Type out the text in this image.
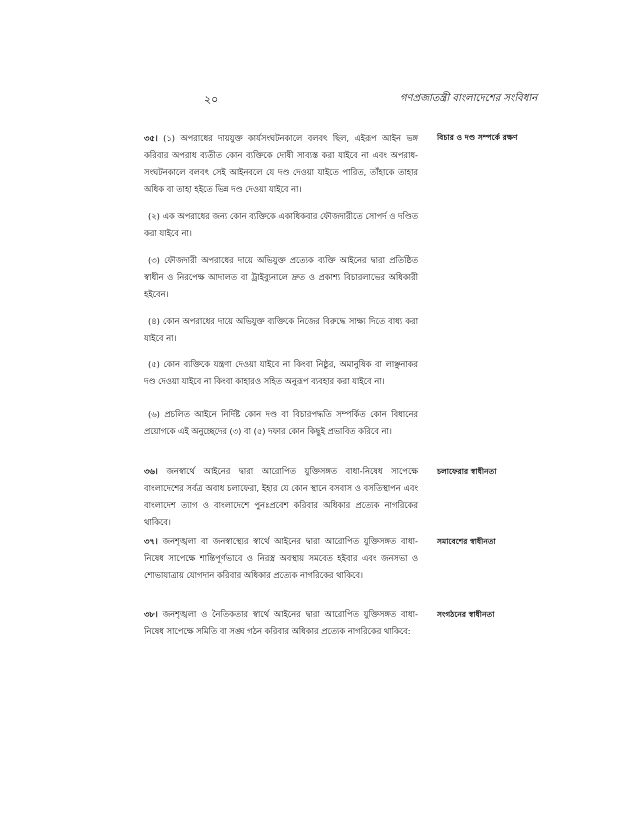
২০	গণপ্রজাতন্ত্রী বাংলাদেশের সংবিধান
বিচার ও দণ্ড সম্পর্কে রক্ষণ

৩৫। (১) অপরাধের দায়যুক্ত কার্যসংঘটনকালে বলবৎ ছিল, এইরূপ আইন ভঙ্গ করিবার অপরাধ ব্যতীত কোন ব্যক্তিকে দোষী সাব্যস্ত করা যাইবে না এবং অপরাধ-সংঘটনকালে বলবৎ সেই আইনবলে যে দণ্ড দেওয়া যাইতে পারিত, তাঁহাকে তাহার অধিক বা তাহা হইতে ভিন্ন দণ্ড দেওয়া যাইবে না।

(২) এক অপরাধের জন্য কোন ব্যক্তিকে একাধিকবার ফৌজদারীতে সোপর্দ ও দণ্ডিত করা যাইবে না।

(৩) ফৌজদারী অপরাধের দায়ে অভিযুক্ত প্রত্যেক ব্যক্তি আইনের দ্বারা প্রতিষ্ঠিত স্বাধীন ও নিরপেক্ষ আদালত বা ট্রাইব্যুনালে দ্রুত ও প্রকাশ্য বিচারলাভের অধিকারী হইবেন।

(৪) কোন অপরাধের দায়ে অভিযুক্ত ব্যক্তিকে নিজের বিরুদ্ধে সাক্ষ্য দিতে বাধ্য করা যাইবে না।

(৫) কোন ব্যক্তিকে যন্ত্রণা দেওয়া যাইবে না কিংবা নিষ্ঠুর, অমানুষিক বা লাঞ্ছনাকর দণ্ড দেওয়া যাইবে না কিংবা কাহারও সহিত অনুরূপ ব্যবহার করা যাইবে না।

(৬) প্রচলিত আইনে নির্দিষ্ট কোন দণ্ড বা বিচারপদ্ধতি সম্পর্কিত কোন বিধানের প্রয়োগকে এই অনুচ্ছেদের (৩) বা (৫) দফার কোন কিছুই প্রভাবিত করিবে না।

চলাফেরার স্বাধীনতা

৩৬। জনস্বার্থে আইনের দ্বারা আরোপিত যুক্তিসঙ্গত বাধা-নিষেধ সাপেক্ষে বাংলাদেশের সর্বত্র অবাধ চলাফেরা, ইহার যে কোন স্থানে বসবাস ও বসতিস্থাপন এবং বাংলাদেশ ত্যাগ ও বাংলাদেশে পুনঃপ্রবেশ করিবার অধিকার প্রত্যেক নাগরিকের থাকিবে।

সমাবেশের স্বাধীনতা

৩৭। জনশৃঙ্খলা বা জনস্বাস্থ্যের স্বার্থে আইনের দ্বারা আরোপিত যুক্তিসঙ্গত বাধা-নিষেধ সাপেক্ষে শান্তিপূর্ণভাবে ও নিরস্ত্র অবস্থায় সমবেত হইবার এবং জনসভা ও শোভাযাত্রায় যোগদান করিবার অধিকার প্রত্যেক নাগরিকের থাকিবে।

সংগঠনের স্বাধীনতা

৩৮। জনশৃঙ্খলা ও নৈতিকতার স্বার্থে আইনের দ্বারা আরোপিত যুক্তিসঙ্গত বাধা-নিষেধ সাপেক্ষে সমিতি বা সঙ্ঘ গঠন করিবার অধিকার প্রত্যেক নাগরিকের থাকিবে:
